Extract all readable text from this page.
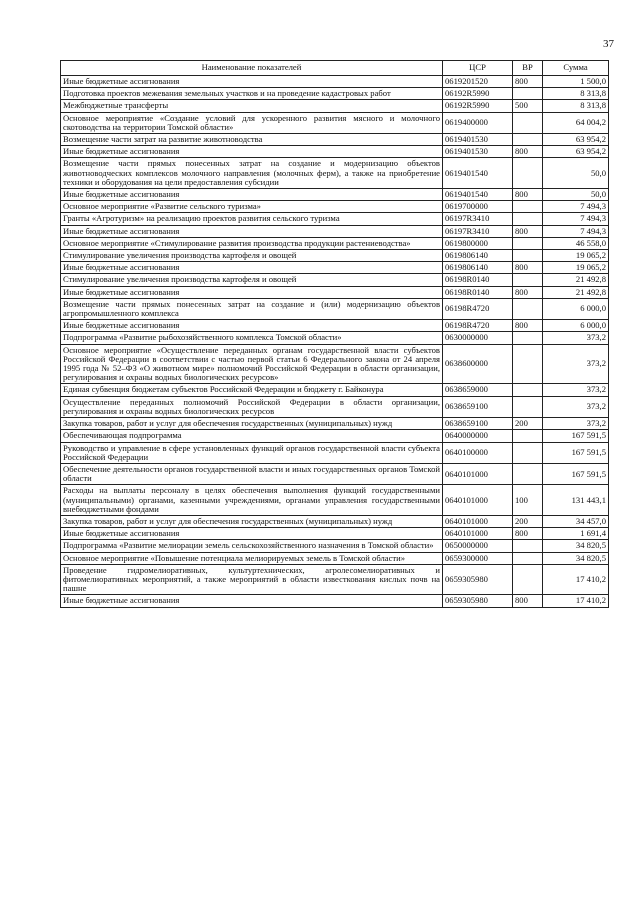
37
Наименование показателей	ЦСР	ВР	Сумма
Иные бюджетные ассигнования	0619201520	800	1 500,0
Подготовка проектов межевания земельных участков и на проведение кадастровых работ	06192R5990		8 313,8
Межбюджетные трансферты	06192R5990	500	8 313,8
Основное мероприятие «Создание условий для ускоренного развития мясного и молочного скотоводства на территории Томской области»	0619400000		64 004,2
Возмещение части затрат на развитие животноводства	0619401530		63 954,2
Иные бюджетные ассигнования	0619401530	800	63 954,2
Возмещение части прямых понесенных затрат на создание и модернизацию объектов животноводческих комплексов молочного направления (молочных ферм), а также на приобретение техники и оборудования на цели предоставления субсидии	0619401540		50,0
Иные бюджетные ассигнования	0619401540	800	50,0
Основное мероприятие «Развитие сельского туризма»	0619700000		7 494,3
Гранты «Агротуризм» на реализацию проектов развития сельского туризма	06197R3410		7 494,3
Иные бюджетные ассигнования	06197R3410	800	7 494,3
Основное мероприятие «Стимулирование развития производства продукции растениеводства»	0619800000		46 558,0
Стимулирование увеличения производства картофеля и овощей	0619806140		19 065,2
Иные бюджетные ассигнования	0619806140	800	19 065,2
Стимулирование увеличения производства картофеля и овощей	06198R0140		21 492,8
Иные бюджетные ассигнования	06198R0140	800	21 492,8
Возмещение части прямых понесенных затрат на создание и (или) модернизацию объектов агропромышленного комплекса	06198R4720		6 000,0
Иные бюджетные ассигнования	06198R4720	800	6 000,0
Подпрограмма «Развитие рыбохозяйственного комплекса Томской области»	0630000000		373,2
Основное мероприятие «Осуществление переданных органам государственной власти субъектов Российской Федерации в соответствии с частью первой статьи 6 Федерального закона от 24 апреля 1995 года № 52–ФЗ «О животном мире» полномочий Российской Федерации в области организации, регулирования и охраны водных биологических ресурсов»	0638600000		373,2
Единая субвенция бюджетам субъектов Российской Федерации и бюджету г. Байконура	0638659000		373,2
Осуществление переданных полномочий Российской Федерации в области организации, регулирования и охраны водных биологических ресурсов	0638659100		373,2
Закупка товаров, работ и услуг для обеспечения государственных (муниципальных) нужд	0638659100	200	373,2
Обеспечивающая подпрограмма	0640000000		167 591,5
Руководство и управление в сфере установленных функций органов государственной власти субъекта Российской Федерации	0640100000		167 591,5
Обеспечение деятельности органов государственной власти и иных государственных органов Томской области	0640101000		167 591,5
Расходы на выплаты персоналу в целях обеспечения выполнения функций государственными (муниципальными) органами, казенными учреждениями, органами управления государственными внебюджетными фондами	0640101000	100	131 443,1
Закупка товаров, работ и услуг для обеспечения государственных (муниципальных) нужд	0640101000	200	34 457,0
Иные бюджетные ассигнования	0640101000	800	1 691,4
Подпрограмма «Развитие мелиорации земель сельскохозяйственного назначения в Томской области»	0650000000		34 820,5
Основное мероприятие «Повышение потенциала мелиорируемых земель в Томской области»	0659300000		34 820,5
Проведение гидромелиоративных, культуртехнических, агролесомелиоративных и фитомелиоративных мероприятий, а также мероприятий в области известкования кислых почв на пашне	0659305980		17 410,2
Иные бюджетные ассигнования	0659305980	800	17 410,2
